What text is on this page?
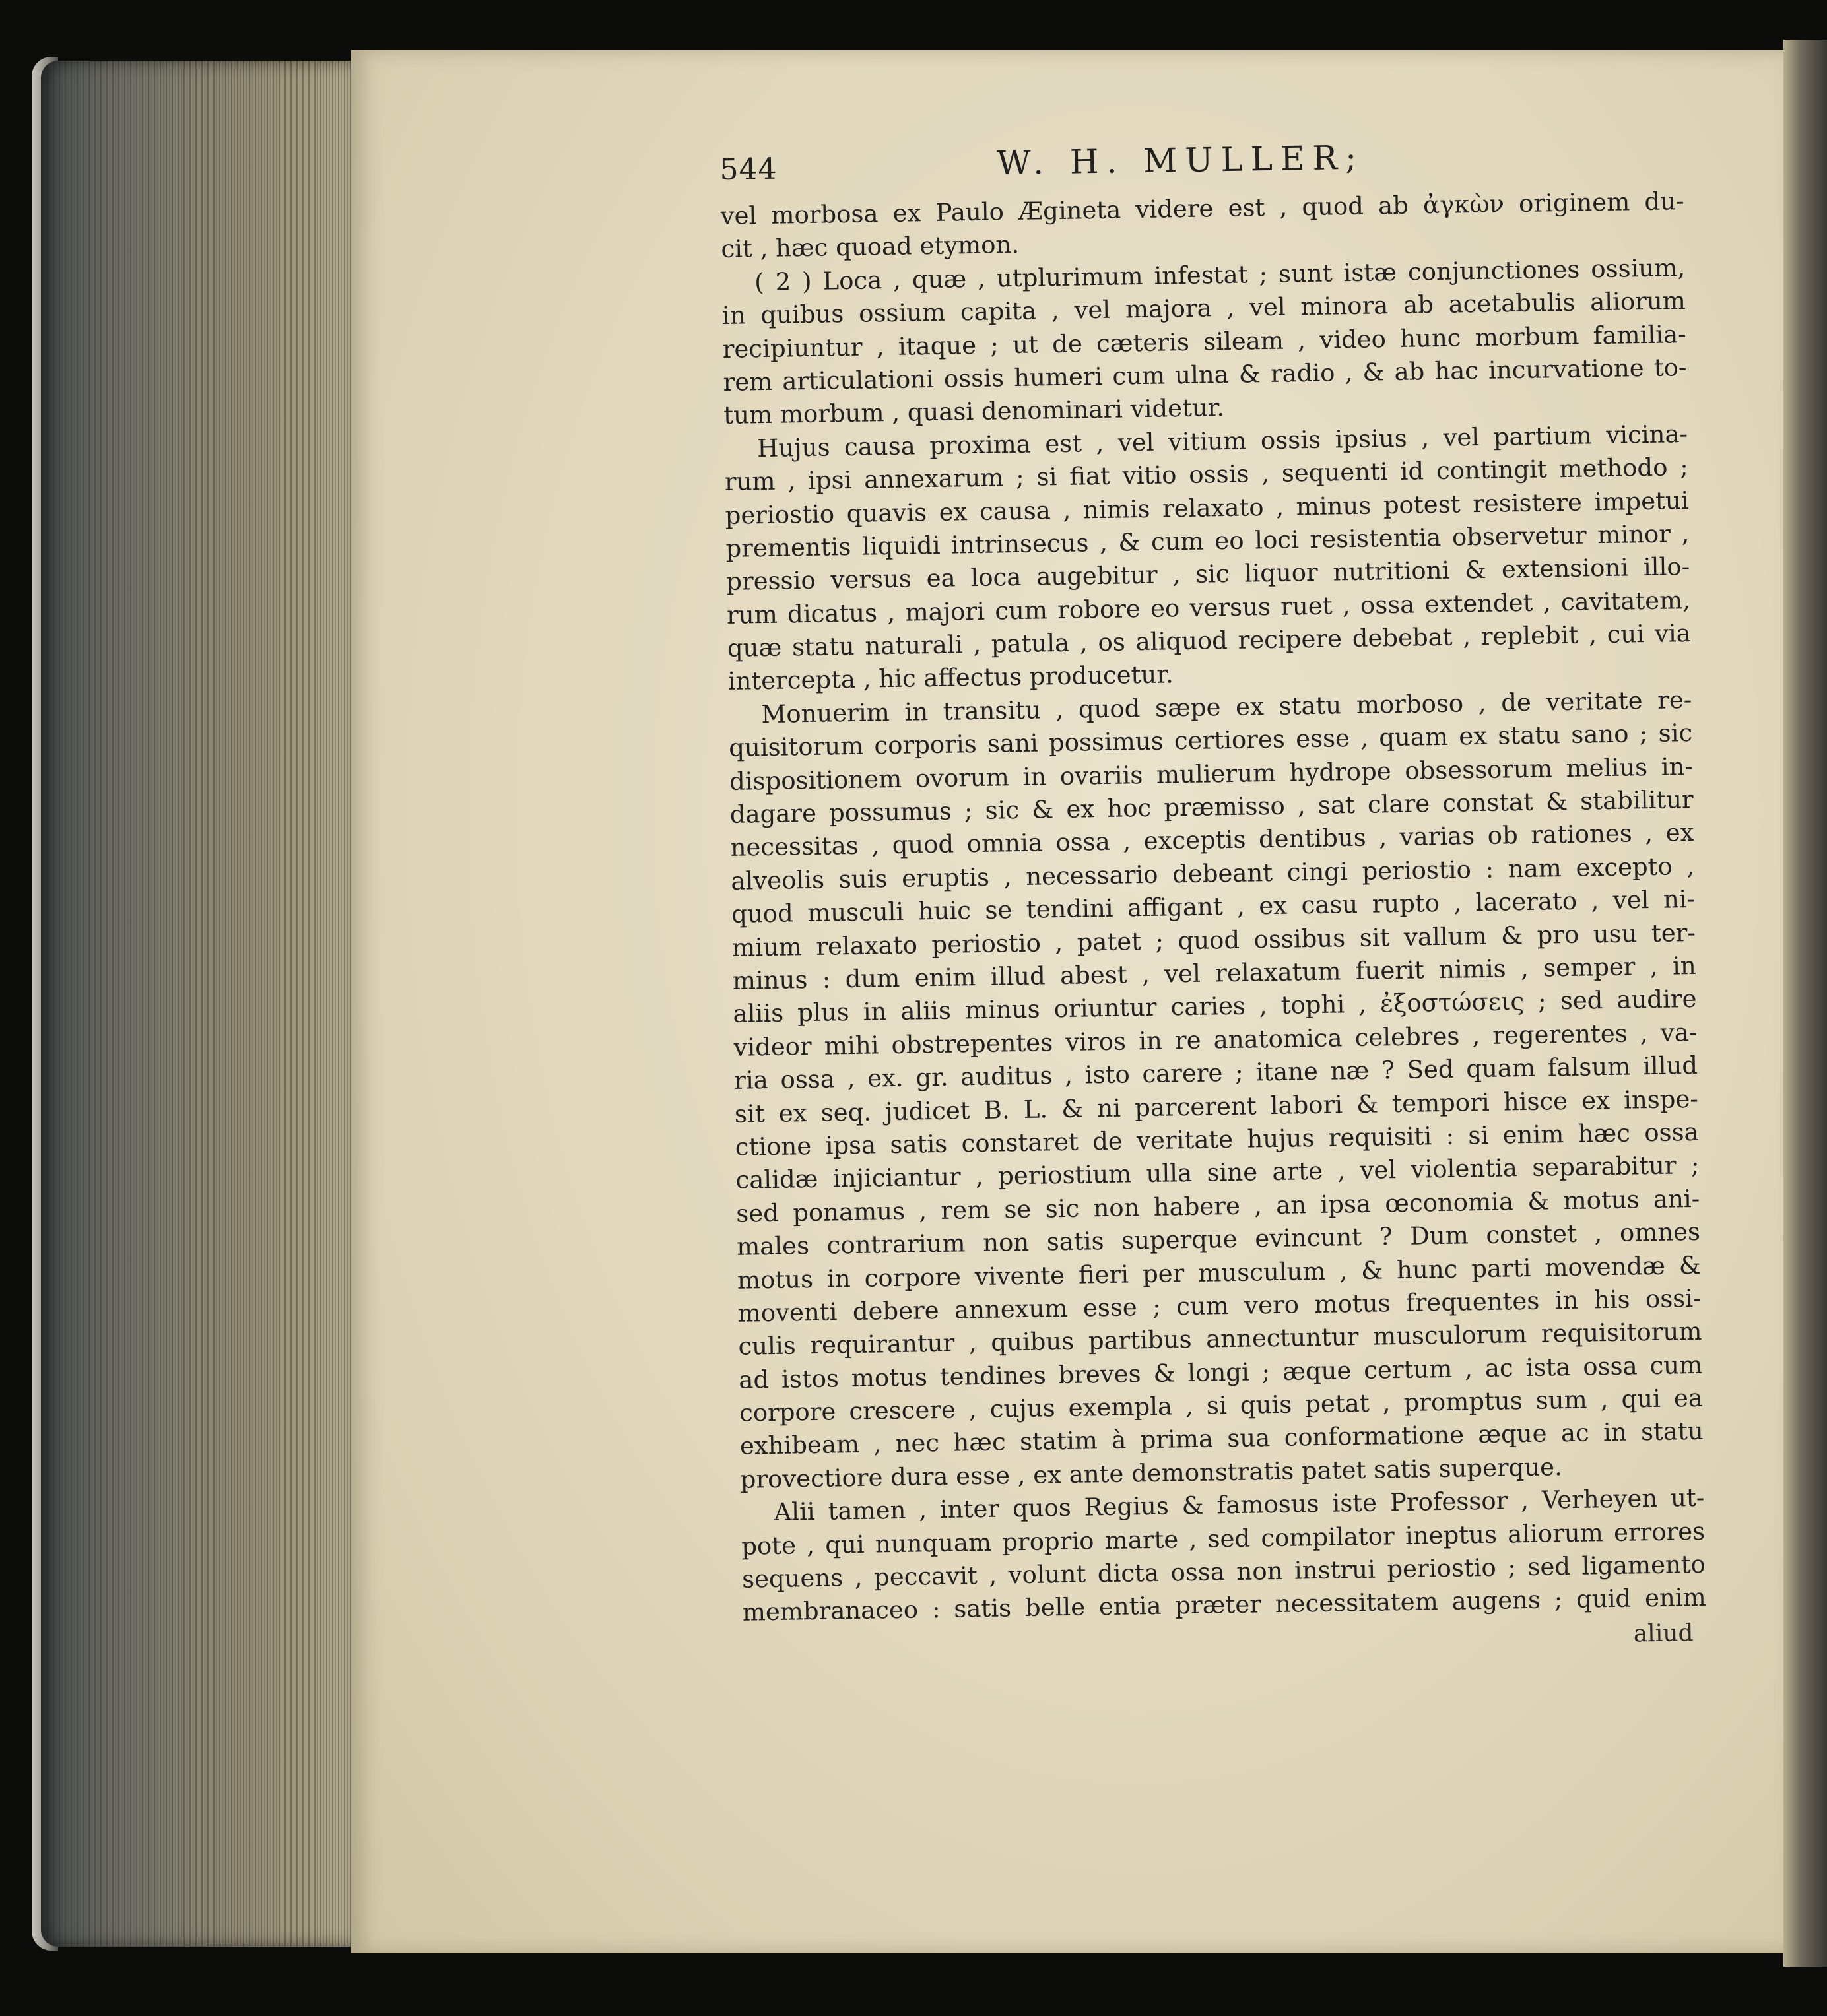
544	W. H. MULLER;
vel morbosa ex Paulo Ægineta videre est , quod ab ἀγκὼν originem du-
cit , hæc quoad etymon.
( 2 ) Loca , quæ , utplurimum infestat ; sunt istæ conjunctiones ossium,
in quibus ossium capita , vel majora , vel minora ab acetabulis aliorum
recipiuntur , itaque ; ut de cæteris sileam , video hunc morbum familia-
rem articulationi ossis humeri cum ulna & radio , & ab hac incurvatione to-
tum morbum , quasi denominari videtur.
Hujus causa proxima est , vel vitium ossis ipsius , vel partium vicina-
rum , ipsi annexarum ; si fiat vitio ossis , sequenti id contingit methodo ;
periostio quavis ex causa , nimis relaxato , minus potest resistere impetui
prementis liquidi intrinsecus , & cum eo loci resistentia observetur minor ,
pressio versus ea loca augebitur , sic liquor nutritioni & extensioni illo-
rum dicatus , majori cum robore eo versus ruet , ossa extendet , cavitatem,
quæ statu naturali , patula , os aliquod recipere debebat , replebit , cui via
intercepta , hic affectus producetur.
Monuerim in transitu , quod sæpe ex statu morboso , de veritate re-
quisitorum corporis sani possimus certiores esse , quam ex statu sano ; sic
dispositionem ovorum in ovariis mulierum hydrope obsessorum melius in-
dagare possumus ; sic & ex hoc præmisso , sat clare constat & stabilitur
necessitas , quod omnia ossa , exceptis dentibus , varias ob rationes , ex
alveolis suis eruptis , necessario debeant cingi periostio : nam excepto ,
quod musculi huic se tendini affigant , ex casu rupto , lacerato , vel ni-
mium relaxato periostio , patet ; quod ossibus sit vallum & pro usu ter-
minus : dum enim illud abest , vel relaxatum fuerit nimis , semper , in
aliis plus in aliis minus oriuntur caries , tophi , ἐξοστώσεις ; sed audire
videor mihi obstrepentes viros in re anatomica celebres , regerentes , va-
ria ossa , ex. gr. auditus , isto carere ; itane næ ? Sed quam falsum illud
sit ex seq. judicet B. L. & ni parcerent labori & tempori hisce ex inspe-
ctione ipsa satis constaret de veritate hujus requisiti : si enim hæc ossa
calidæ injiciantur , periostium ulla sine arte , vel violentia separabitur ;
sed ponamus , rem se sic non habere , an ipsa œconomia & motus ani-
males contrarium non satis superque evincunt ? Dum constet , omnes
motus in corpore vivente fieri per musculum , & hunc parti movendæ &
moventi debere annexum esse ; cum vero motus frequentes in his ossi-
culis requirantur , quibus partibus annectuntur musculorum requisitorum
ad istos motus tendines breves & longi ; æque certum , ac ista ossa cum
corpore crescere , cujus exempla , si quis petat , promptus sum , qui ea
exhibeam , nec hæc statim à prima sua conformatione æque ac in statu
provectiore dura esse , ex ante demonstratis patet satis superque.
Alii tamen , inter quos Regius & famosus iste Professor , Verheyen ut-
pote , qui nunquam proprio marte , sed compilator ineptus aliorum errores
sequens , peccavit , volunt dicta ossa non instrui periostio ; sed ligamento
membranaceo : satis belle entia præter necessitatem augens ; quid enim
aliud
